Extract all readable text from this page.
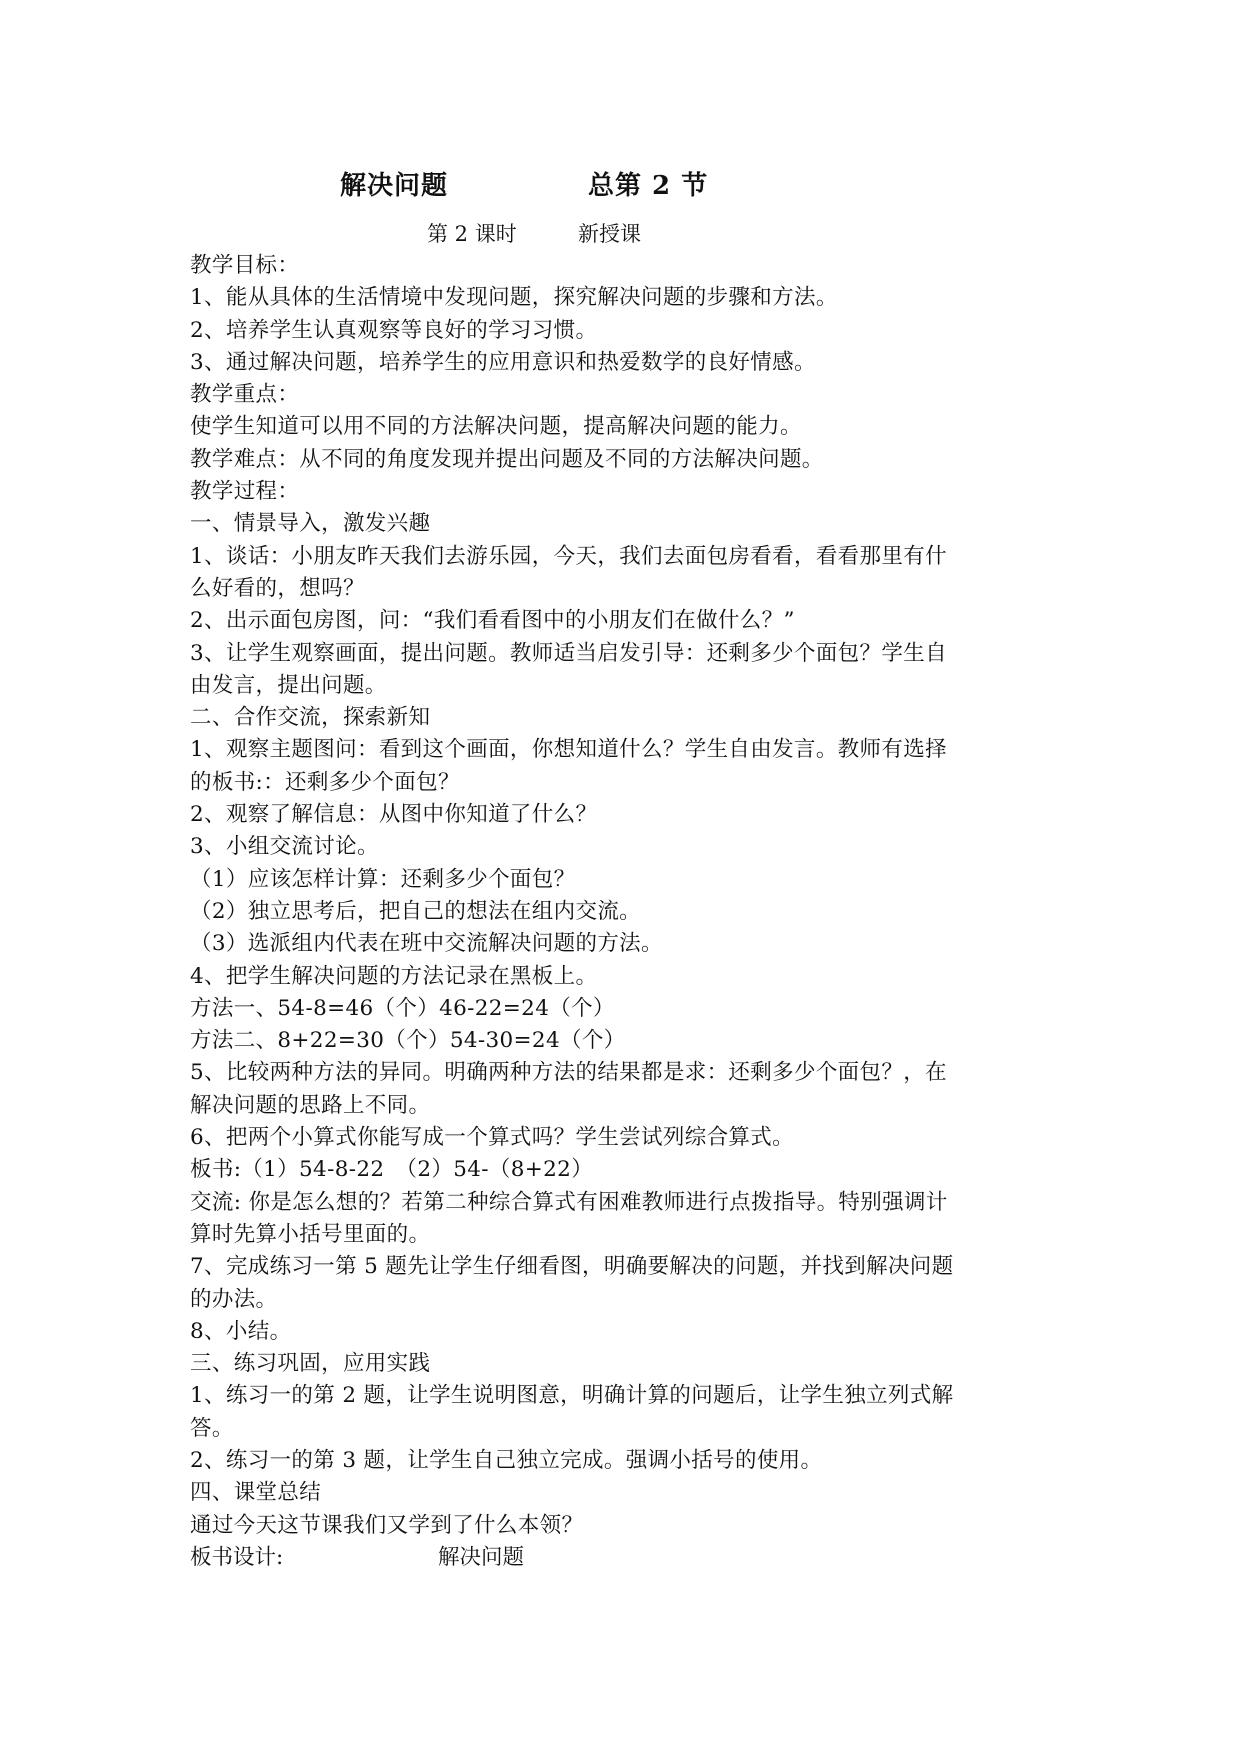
解决问题	总第 2 节
第 2 课时	新授课
教学目标：
1、能从具体的生活情境中发现问题，探究解决问题的步骤和方法。
2、培养学生认真观察等良好的学习习惯。
3、通过解决问题，培养学生的应用意识和热爱数学的良好情感。
教学重点：
使学生知道可以用不同的方法解决问题，提高解决问题的能力。
教学难点：从不同的角度发现并提出问题及不同的方法解决问题。
教学过程：
一、情景导入，激发兴趣
1、谈话：小朋友昨天我们去游乐园，今天，我们去面包房看看，看看那里有什
么好看的，想吗？
2、出示面包房图，问：“我们看看图中的小朋友们在做什么？”
3、让学生观察画面，提出问题。教师适当启发引导：还剩多少个面包？学生自
由发言，提出问题。
二、合作交流，探索新知
1、观察主题图问：看到这个画面，你想知道什么？学生自由发言。教师有选择
的板书:：还剩多少个面包？
2、观察了解信息：从图中你知道了什么？
3、小组交流讨论。
（1）应该怎样计算：还剩多少个面包？
（2）独立思考后，把自己的想法在组内交流。
（3）选派组内代表在班中交流解决问题的方法。
4、把学生解决问题的方法记录在黑板上。
方法一、54-8=46（个）46-22=24（个）
方法二、8+22=30（个）54-30=24（个）
5、比较两种方法的异同。明确两种方法的结果都是求：还剩多少个面包？，在
解决问题的思路上不同。
6、把两个小算式你能写成一个算式吗？学生尝试列综合算式。
板书:（1）54-8-22　（2）54-（8+22）
交流: 你是怎么想的？若第二种综合算式有困难教师进行点拨指导。特别强调计
算时先算小括号里面的。
7、完成练习一第 5 题先让学生仔细看图，明确要解决的问题，并找到解决问题
的办法。
8、小结。
三、练习巩固，应用实践
1、练习一的第 2 题，让学生说明图意，明确计算的问题后，让学生独立列式解
答。
2、练习一的第 3 题，让学生自己独立完成。强调小括号的使用。
四、课堂总结
通过今天这节课我们又学到了什么本领？
板书设计:	解决问题
